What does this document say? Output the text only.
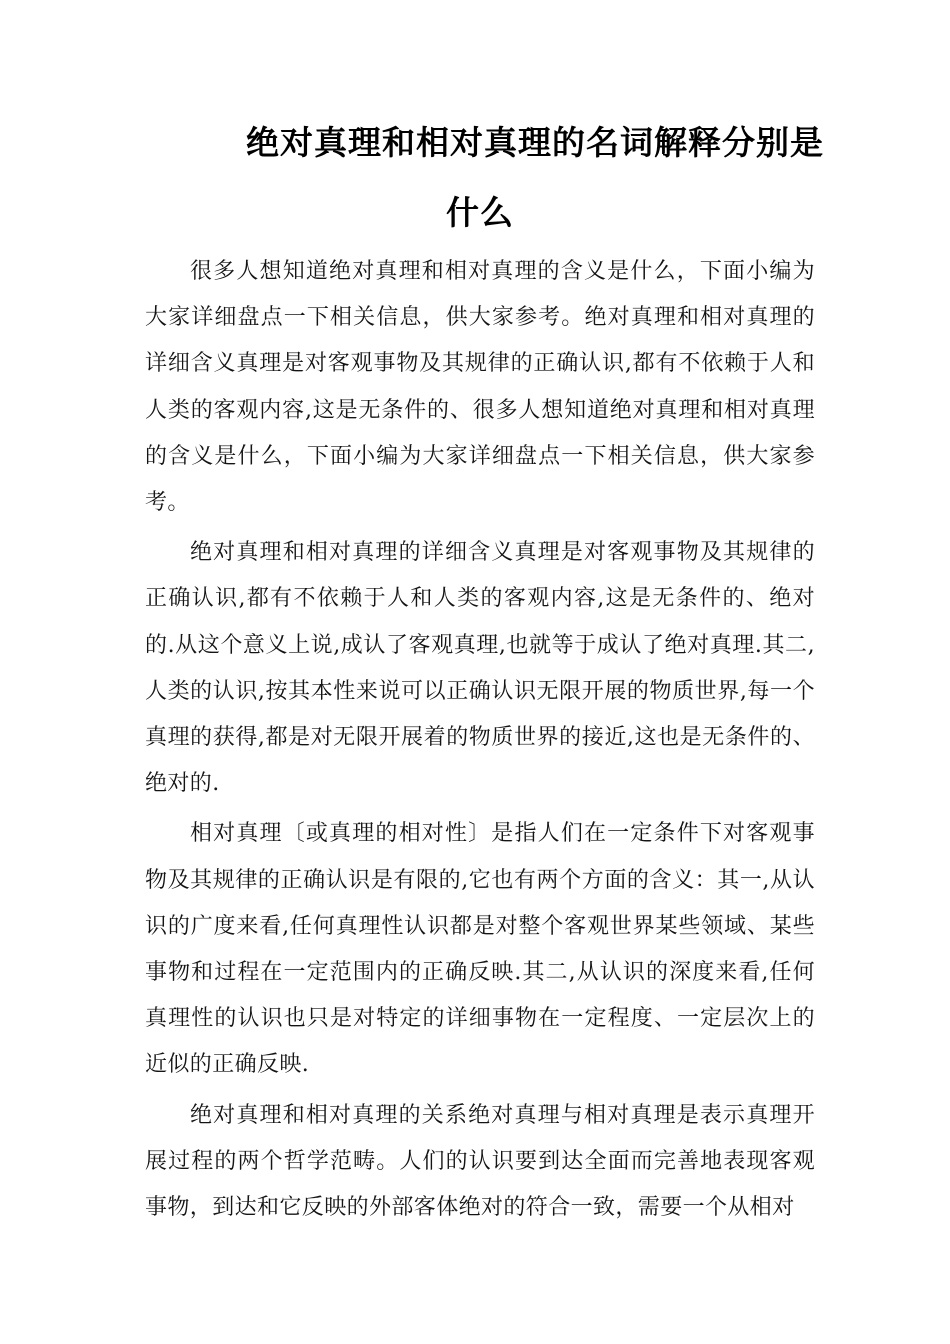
绝对真理和相对真理的名词解释分别是
什么

很多人想知道绝对真理和相对真理的含义是什么，下面小编为大家详细盘点一下相关信息，供大家参考。绝对真理和相对真理的详细含义真理是对客观事物及其规律的正确认识,都有不依赖于人和人类的客观内容,这是无条件的、很多人想知道绝对真理和相对真理的含义是什么，下面小编为大家详细盘点一下相关信息，供大家参考。

绝对真理和相对真理的详细含义真理是对客观事物及其规律的正确认识,都有不依赖于人和人类的客观内容,这是无条件的、绝对的.从这个意义上说,成认了客观真理,也就等于成认了绝对真理.其二,人类的认识,按其本性来说可以正确认识无限开展的物质世界,每一个真理的获得,都是对无限开展着的物质世界的接近,这也是无条件的、绝对的.

相对真理〔或真理的相对性〕是指人们在一定条件下对客观事物及其规律的正确认识是有限的,它也有两个方面的含义：其一,从认识的广度来看,任何真理性认识都是对整个客观世界某些领域、某些事物和过程在一定范围内的正确反映.其二,从认识的深度来看,任何真理性的认识也只是对特定的详细事物在一定程度、一定层次上的近似的正确反映.

绝对真理和相对真理的关系绝对真理与相对真理是表示真理开展过程的两个哲学范畴。人们的认识要到达全面而完善地表现客观事物，到达和它反映的外部客体绝对的符合一致，需要一个从相对
